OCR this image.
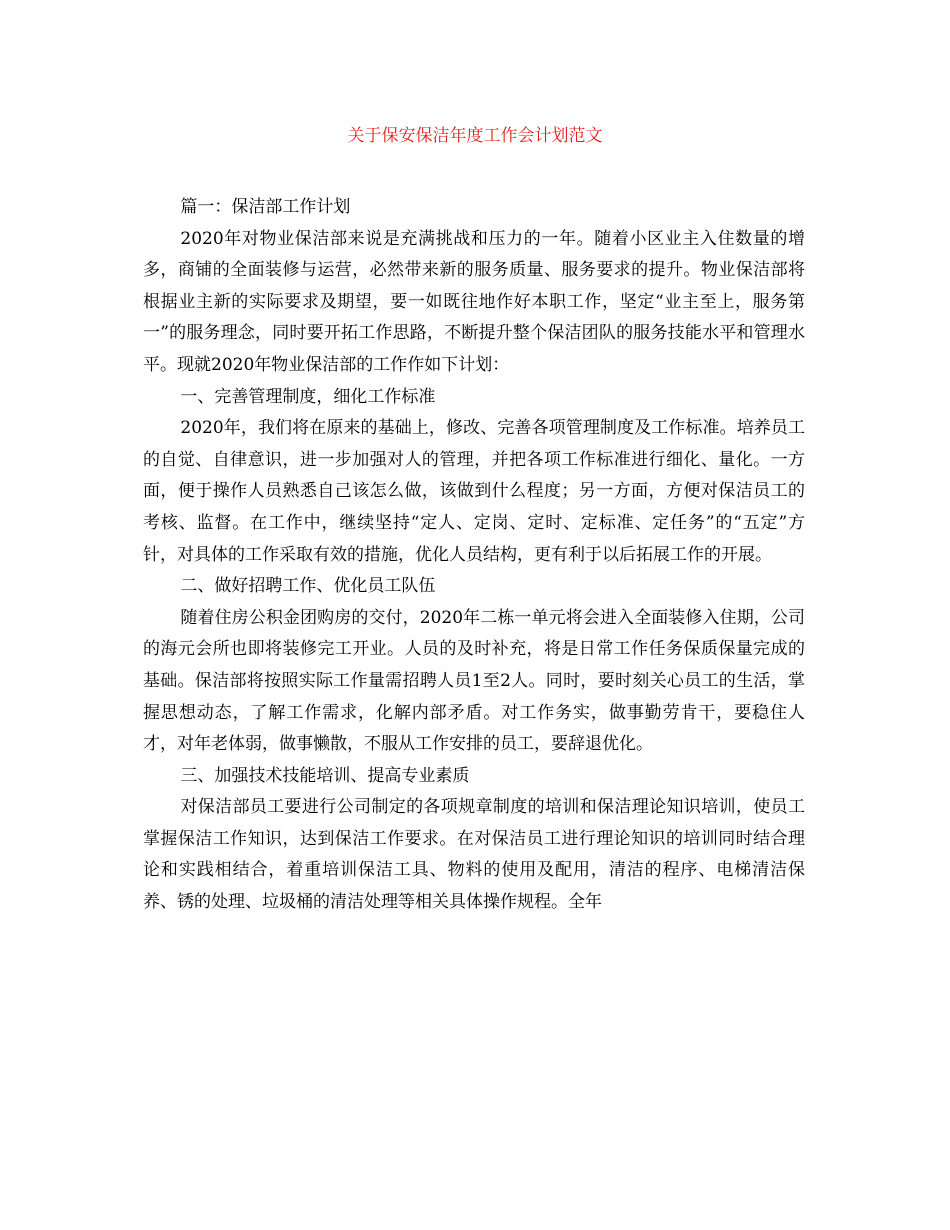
关于保安保洁年度工作会计划范文

篇一：保洁部工作计划

2020年对物业保洁部来说是充满挑战和压力的一年。随着小区业主入住数量的增多，商铺的全面装修与运营，必然带来新的服务质量、服务要求的提升。物业保洁部将根据业主新的实际要求及期望，要一如既往地作好本职工作，坚定“业主至上，服务第一”的服务理念，同时要开拓工作思路，不断提升整个保洁团队的服务技能水平和管理水平。现就2020年物业保洁部的工作作如下计划：

一、完善管理制度，细化工作标准

2020年，我们将在原来的基础上，修改、完善各项管理制度及工作标准。培养员工的自觉、自律意识，进一步加强对人的管理，并把各项工作标准进行细化、量化。一方面，便于操作人员熟悉自己该怎么做，该做到什么程度；另一方面，方便对保洁员工的考核、监督。在工作中，继续坚持“定人、定岗、定时、定标准、定任务”的“五定”方针，对具体的工作采取有效的措施，优化人员结构，更有利于以后拓展工作的开展。

二、做好招聘工作、优化员工队伍

随着住房公积金团购房的交付，2020年二栋一单元将会进入全面装修入住期，公司的海元会所也即将装修完工开业。人员的及时补充，将是日常工作任务保质保量完成的基础。保洁部将按照实际工作量需招聘人员1至2人。同时，要时刻关心员工的生活，掌握思想动态，了解工作需求，化解内部矛盾。对工作务实，做事勤劳肯干，要稳住人才，对年老体弱，做事懒散，不服从工作安排的员工，要辞退优化。

三、加强技术技能培训、提高专业素质

对保洁部员工要进行公司制定的各项规章制度的培训和保洁理论知识培训，使员工掌握保洁工作知识，达到保洁工作要求。在对保洁员工进行理论知识的培训同时结合理论和实践相结合，着重培训保洁工具、物料的使用及配用，清洁的程序、电梯清洁保养、锈的处理、垃圾桶的清洁处理等相关具体操作规程。全年
